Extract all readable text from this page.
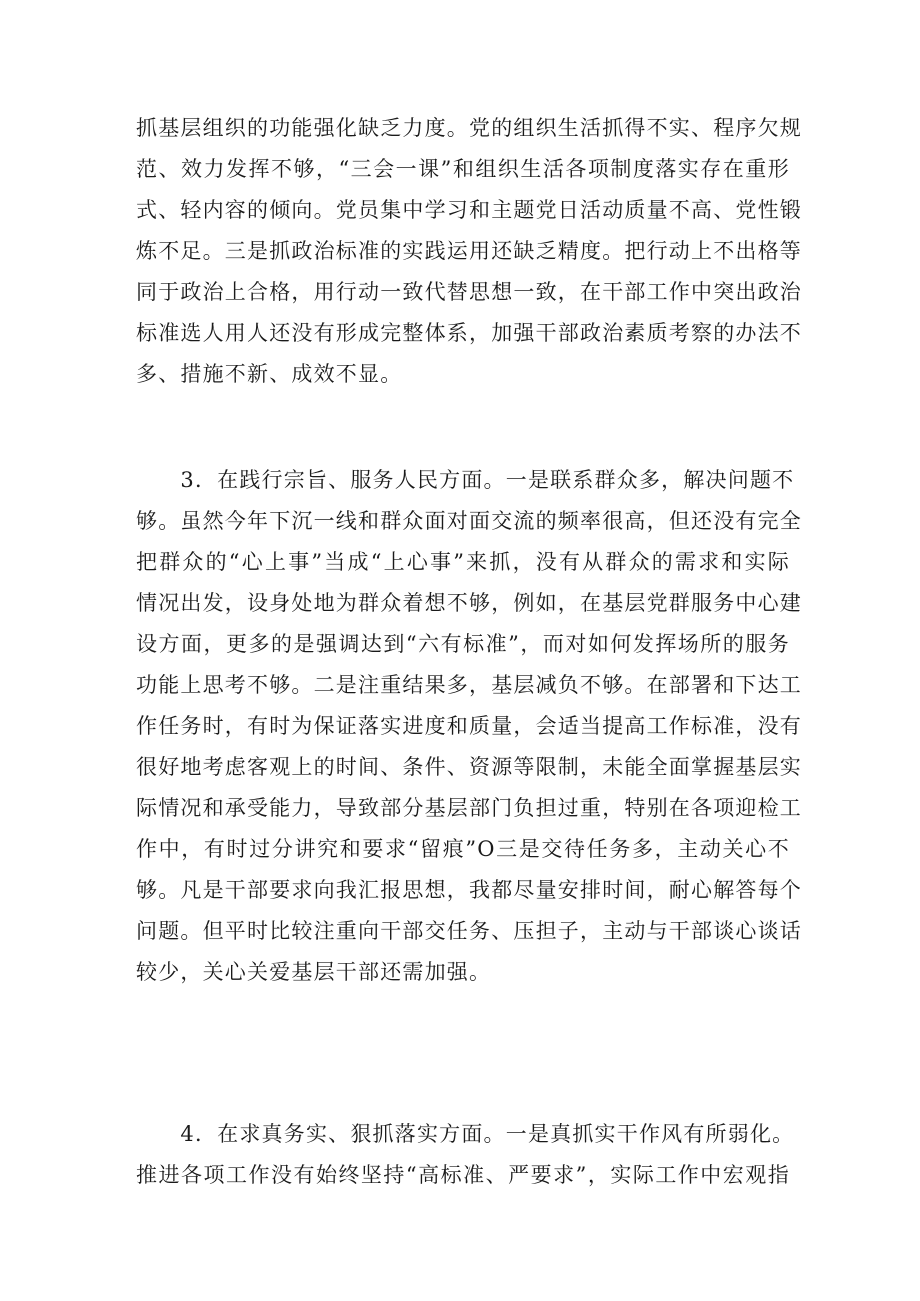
抓基层组织的功能强化缺乏力度。党的组织生活抓得不实、程序欠规
范、效力发挥不够，“三会一课”和组织生活各项制度落实存在重形
式、轻内容的倾向。党员集中学习和主题党日活动质量不高、党性锻
炼不足。三是抓政治标准的实践运用还缺乏精度。把行动上不出格等
同于政治上合格，用行动一致代替思想一致，在干部工作中突出政治
标准选人用人还没有形成完整体系，加强干部政治素质考察的办法不
多、措施不新、成效不显。
　　3．在践行宗旨、服务人民方面。一是联系群众多，解决问题不
够。虽然今年下沉一线和群众面对面交流的频率很高，但还没有完全
把群众的“心上事”当成“上心事”来抓，没有从群众的需求和实际
情况出发，设身处地为群众着想不够，例如，在基层党群服务中心建
设方面，更多的是强调达到“六有标准”，而对如何发挥场所的服务
功能上思考不够。二是注重结果多，基层减负不够。在部署和下达工
作任务时，有时为保证落实进度和质量，会适当提高工作标准，没有
很好地考虑客观上的时间、条件、资源等限制，未能全面掌握基层实
际情况和承受能力，导致部分基层部门负担过重，特别在各项迎检工
作中，有时过分讲究和要求“留痕”O三是交待任务多，主动关心不
够。凡是干部要求向我汇报思想，我都尽量安排时间，耐心解答每个
问题。但平时比较注重向干部交任务、压担子，主动与干部谈心谈话
较少，关心关爱基层干部还需加强。
　　4．在求真务实、狠抓落实方面。一是真抓实干作风有所弱化。
推进各项工作没有始终坚持“高标准、严要求”，实际工作中宏观指
